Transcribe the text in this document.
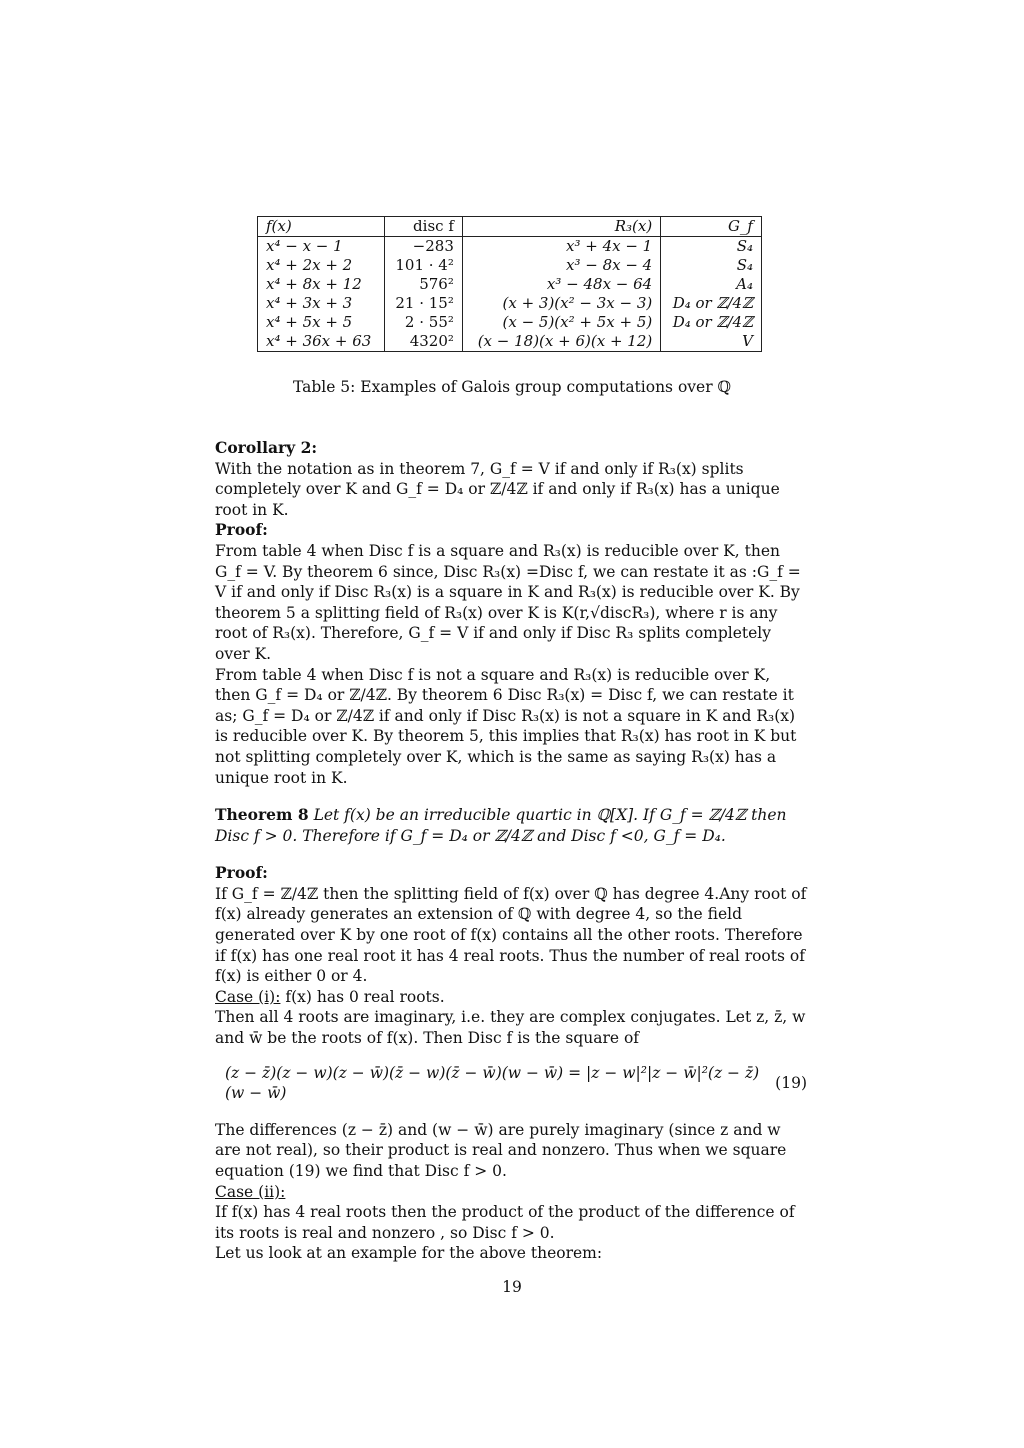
f(x)	disc f	R₃(x)	G_f
x⁴ − x − 1	−283	x³ + 4x − 1	S₄
x⁴ + 2x + 2	101 · 4²	x³ − 8x − 4	S₄
x⁴ + 8x + 12	576²	x³ − 48x − 64	A₄
x⁴ + 3x + 3	21 · 15²	(x + 3)(x² − 3x − 3)	D₄ or ℤ/4ℤ
x⁴ + 5x + 5	2 · 55²	(x − 5)(x² + 5x + 5)	D₄ or ℤ/4ℤ
x⁴ + 36x + 63	4320²	(x − 18)(x + 6)(x + 12)	V
Table 5: Examples of Galois group computations over ℚ

Corollary 2:

With the notation as in theorem 7, G_f = V if and only if R₃(x) splits completely over K and G_f = D₄ or ℤ/4ℤ if and only if R₃(x) has a unique root in K.

Proof:

From table 4 when Disc f is a square and R₃(x) is reducible over K, then G_f = V. By theorem 6 since, Disc R₃(x) =Disc f, we can restate it as :G_f = V if and only if Disc R₃(x) is a square in K and R₃(x) is reducible over K. By theorem 5 a splitting field of R₃(x) over K is K(r,√discR₃), where r is any root of R₃(x). Therefore, G_f = V if and only if Disc R₃ splits completely over K.

From table 4 when Disc f is not a square and R₃(x) is reducible over K, then G_f = D₄ or ℤ/4ℤ. By theorem 6 Disc R₃(x) = Disc f, we can restate it as; G_f = D₄ or ℤ/4ℤ if and only if Disc R₃(x) is not a square in K and R₃(x) is reducible over K. By theorem 5, this implies that R₃(x) has root in K but not splitting completely over K, which is the same as saying R₃(x) has a unique root in K.

Theorem 8 Let f(x) be an irreducible quartic in ℚ[X]. If G_f = ℤ/4ℤ then Disc f > 0. Therefore if G_f = D₄ or ℤ/4ℤ and Disc f <0, G_f = D₄.

Proof:

If G_f = ℤ/4ℤ then the splitting field of f(x) over ℚ has degree 4.Any root of f(x) already generates an extension of ℚ with degree 4, so the field generated over K by one root of f(x) contains all the other roots. Therefore if f(x) has one real root it has 4 real roots. Thus the number of real roots of f(x) is either 0 or 4.

Case (i): f(x) has 0 real roots.

Then all 4 roots are imaginary, i.e. they are complex conjugates. Let z, z̄, w and w̄ be the roots of f(x). Then Disc f is the square of

(z − z̄)(z − w)(z − w̄)(z̄ − w)(z̄ − w̄)(w − w̄) = |z − w|²|z − w̄|²(z − z̄)(w − w̄)
(19)

The differences (z − z̄) and (w − w̄) are purely imaginary (since z and w are not real), so their product is real and nonzero. Thus when we square equation (19) we find that Disc f > 0.

Case (ii):

If f(x) has 4 real roots then the product of the product of the difference of its roots is real and nonzero , so Disc f > 0.

Let us look at an example for the above theorem:

19
